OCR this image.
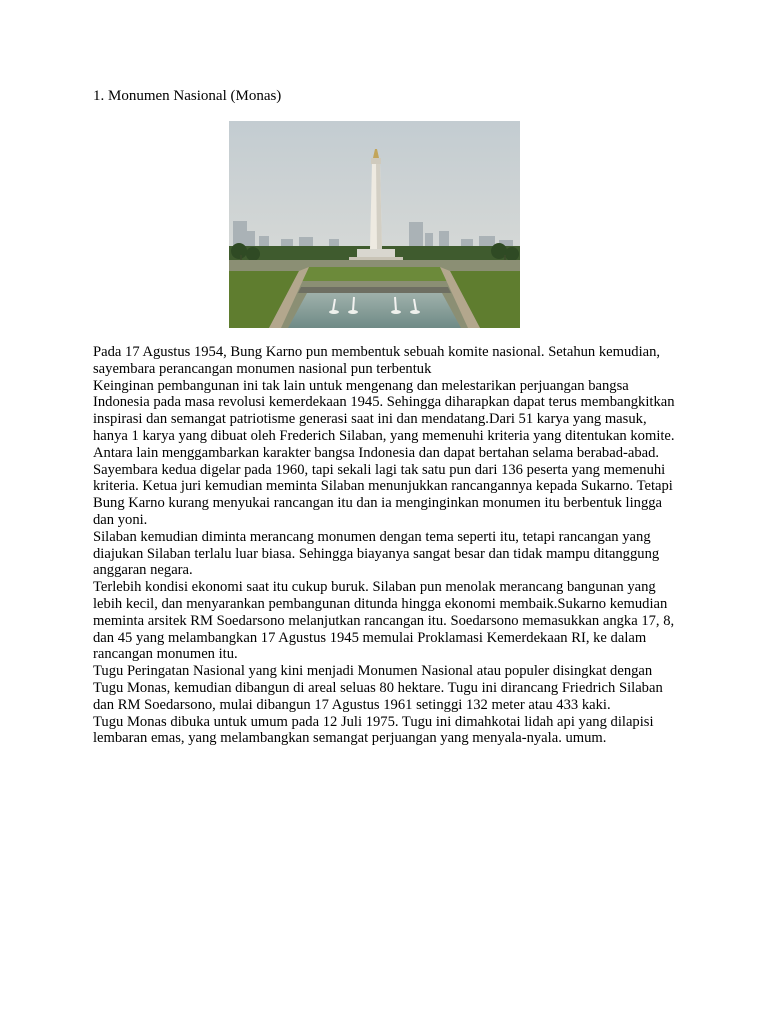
1. Monumen Nasional (Monas)

Pada 17 Agustus 1954, Bung Karno pun membentuk sebuah komite nasional. Setahun kemudian, sayembara perancangan monumen nasional pun terbentuk

Keinginan pembangunan ini tak lain untuk mengenang dan melestarikan perjuangan bangsa Indonesia pada masa revolusi kemerdekaan 1945. Sehingga diharapkan dapat terus membangkitkan inspirasi dan semangat patriotisme generasi saat ini dan mendatang.Dari 51 karya yang masuk, hanya 1 karya yang dibuat oleh Frederich Silaban, yang memenuhi kriteria yang ditentukan komite. Antara lain menggambarkan karakter bangsa Indonesia dan dapat bertahan selama berabad-abad.

Sayembara kedua digelar pada 1960, tapi sekali lagi tak satu pun dari 136 peserta yang memenuhi kriteria. Ketua juri kemudian meminta Silaban menunjukkan rancangannya kepada Sukarno. Tetapi Bung Karno kurang menyukai rancangan itu dan ia menginginkan monumen itu berbentuk lingga dan yoni.

Silaban kemudian diminta merancang monumen dengan tema seperti itu, tetapi rancangan yang diajukan Silaban terlalu luar biasa. Sehingga biayanya sangat besar dan tidak mampu ditanggung anggaran negara.

Terlebih kondisi ekonomi saat itu cukup buruk. Silaban pun menolak merancang bangunan yang lebih kecil, dan menyarankan pembangunan ditunda hingga ekonomi membaik.Sukarno kemudian meminta arsitek RM Soedarsono melanjutkan rancangan itu. Soedarsono memasukkan angka 17, 8, dan 45 yang melambangkan 17 Agustus 1945 memulai Proklamasi Kemerdekaan RI, ke dalam rancangan monumen itu.

Tugu Peringatan Nasional yang kini menjadi Monumen Nasional atau populer disingkat dengan Tugu Monas, kemudian dibangun di areal seluas 80 hektare. Tugu ini dirancang Friedrich Silaban dan RM Soedarsono, mulai dibangun 17 Agustus 1961 setinggi 132 meter atau 433 kaki.

Tugu Monas dibuka untuk umum pada 12 Juli 1975. Tugu ini dimahkotai lidah api yang dilapisi lembaran emas, yang melambangkan semangat perjuangan yang menyala-nyala. umum.
